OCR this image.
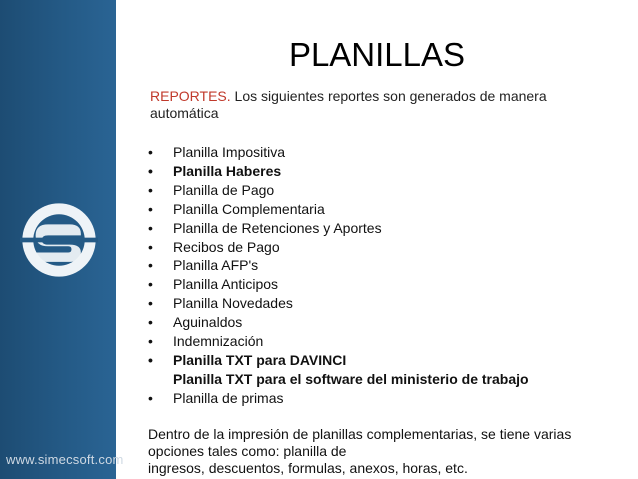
www.simecsoft.com
PLANILLAS
REPORTES. Los siguientes reportes son generados de manera automática
• Planilla Impositiva
• Planilla Haberes
• Planilla de Pago
• Planilla Complementaria
• Planilla de Retenciones y Aportes
• Recibos de Pago
• Planilla AFP's
• Planilla Anticipos
• Planilla Novedades
• Aguinaldos
• Indemnización
• Planilla TXT para DAVINCI
Planilla TXT para el software del ministerio de trabajo
• Planilla de primas
Dentro de la impresión de planillas complementarias, se tiene varias
opciones tales como: planilla de
ingresos, descuentos, formulas, anexos, horas, etc.
